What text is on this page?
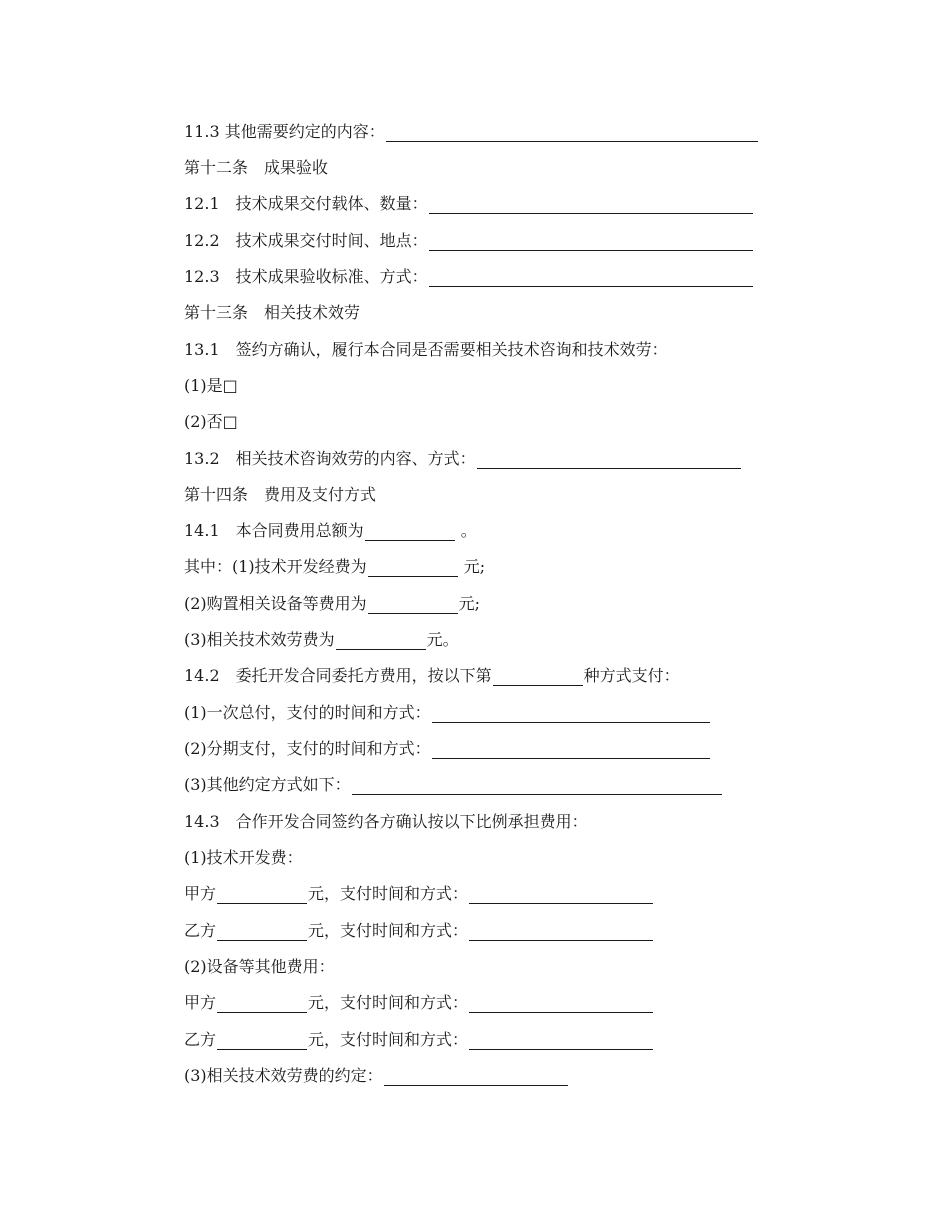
11.3 其他需要约定的内容：
第十二条　成果验收
12.1　技术成果交付载体、数量：
12.2　技术成果交付时间、地点：
12.3　技术成果验收标准、方式：
第十三条　相关技术效劳
13.1　签约方确认，履行本合同是否需要相关技术咨询和技术效劳：
(1)是□
(2)否□
13.2　相关技术咨询效劳的内容、方式：
第十四条　费用及支付方式
14.1　本合同费用总额为	。
其中：(1)技术开发经费为	元;
(2)购置相关设备等费用为	元;
(3)相关技术效劳费为	元。
14.2　委托开发合同委托方费用，按以下第	种方式支付：
(1)一次总付，支付的时间和方式：
(2)分期支付，支付的时间和方式：
(3)其他约定方式如下：
14.3　合作开发合同签约各方确认按以下比例承担费用：
(1)技术开发费：
甲方	元，支付时间和方式：
乙方	元，支付时间和方式：
(2)设备等其他费用：
甲方	元，支付时间和方式：
乙方	元，支付时间和方式：
(3)相关技术效劳费的约定：
